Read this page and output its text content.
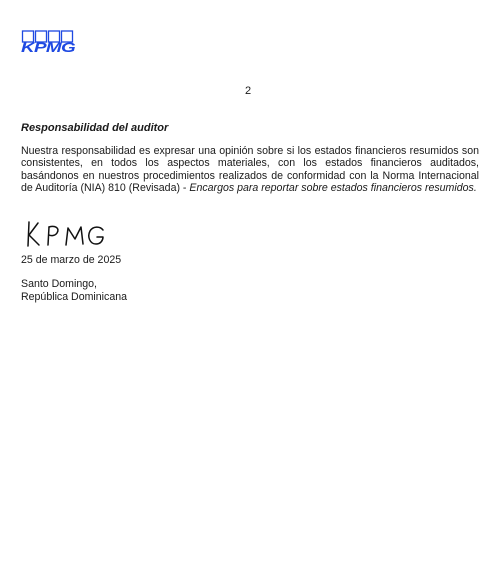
KPMG
2
Responsabilidad del auditor

Nuestra responsabilidad es expresar una opinión sobre si los estados financieros resumidos son consistentes, en todos los aspectos materiales, con los estados financieros auditados, basándonos en nuestros procedimientos realizados de conformidad con la Norma Internacional de Auditoría (NIA) 810 (Revisada) - Encargos para reportar sobre estados financieros resumidos.

25 de marzo de 2025
Santo Domingo,
República Dominicana
